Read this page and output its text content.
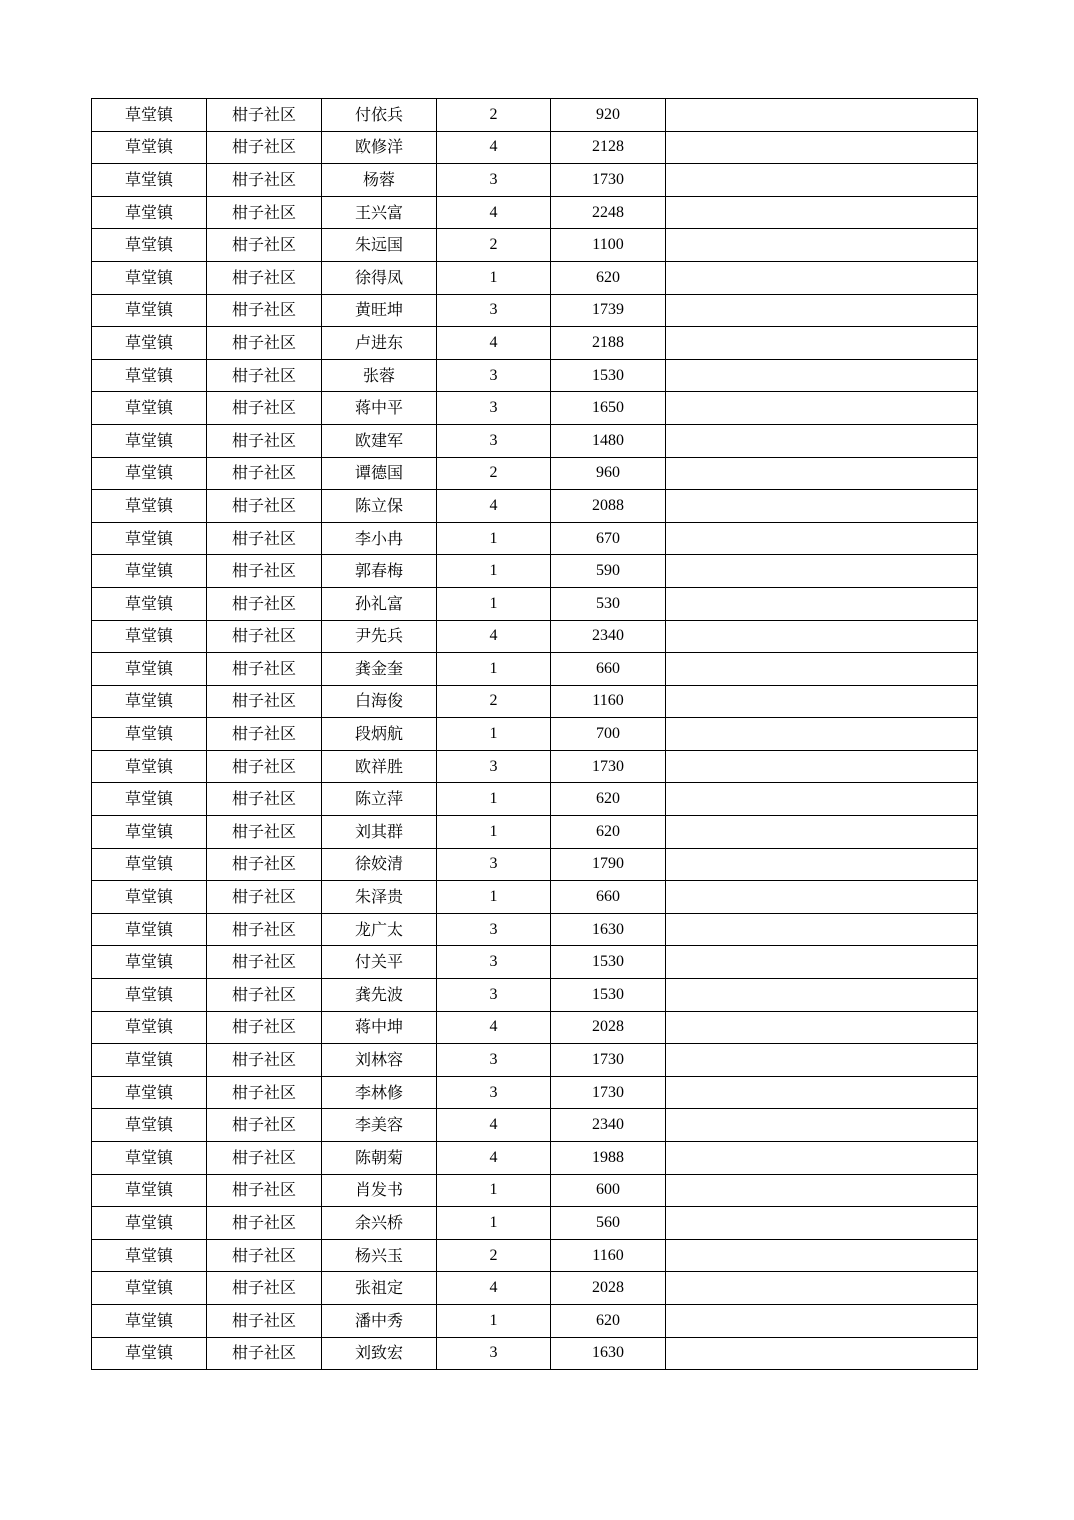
草堂镇	柑子社区	付依兵	2	920	
草堂镇	柑子社区	欧修洋	4	2128	
草堂镇	柑子社区	杨蓉	3	1730	
草堂镇	柑子社区	王兴富	4	2248	
草堂镇	柑子社区	朱远国	2	1100	
草堂镇	柑子社区	徐得凤	1	620	
草堂镇	柑子社区	黄旺坤	3	1739	
草堂镇	柑子社区	卢进东	4	2188	
草堂镇	柑子社区	张蓉	3	1530	
草堂镇	柑子社区	蒋中平	3	1650	
草堂镇	柑子社区	欧建军	3	1480	
草堂镇	柑子社区	谭德国	2	960	
草堂镇	柑子社区	陈立保	4	2088	
草堂镇	柑子社区	李小冉	1	670	
草堂镇	柑子社区	郭春梅	1	590	
草堂镇	柑子社区	孙礼富	1	530	
草堂镇	柑子社区	尹先兵	4	2340	
草堂镇	柑子社区	龚金奎	1	660	
草堂镇	柑子社区	白海俊	2	1160	
草堂镇	柑子社区	段炳航	1	700	
草堂镇	柑子社区	欧祥胜	3	1730	
草堂镇	柑子社区	陈立萍	1	620	
草堂镇	柑子社区	刘其群	1	620	
草堂镇	柑子社区	徐姣清	3	1790	
草堂镇	柑子社区	朱泽贵	1	660	
草堂镇	柑子社区	龙广太	3	1630	
草堂镇	柑子社区	付关平	3	1530	
草堂镇	柑子社区	龚先波	3	1530	
草堂镇	柑子社区	蒋中坤	4	2028	
草堂镇	柑子社区	刘林容	3	1730	
草堂镇	柑子社区	李林修	3	1730	
草堂镇	柑子社区	李美容	4	2340	
草堂镇	柑子社区	陈朝菊	4	1988	
草堂镇	柑子社区	肖发书	1	600	
草堂镇	柑子社区	余兴桥	1	560	
草堂镇	柑子社区	杨兴玉	2	1160	
草堂镇	柑子社区	张祖定	4	2028	
草堂镇	柑子社区	潘中秀	1	620	
草堂镇	柑子社区	刘致宏	3	1630	
